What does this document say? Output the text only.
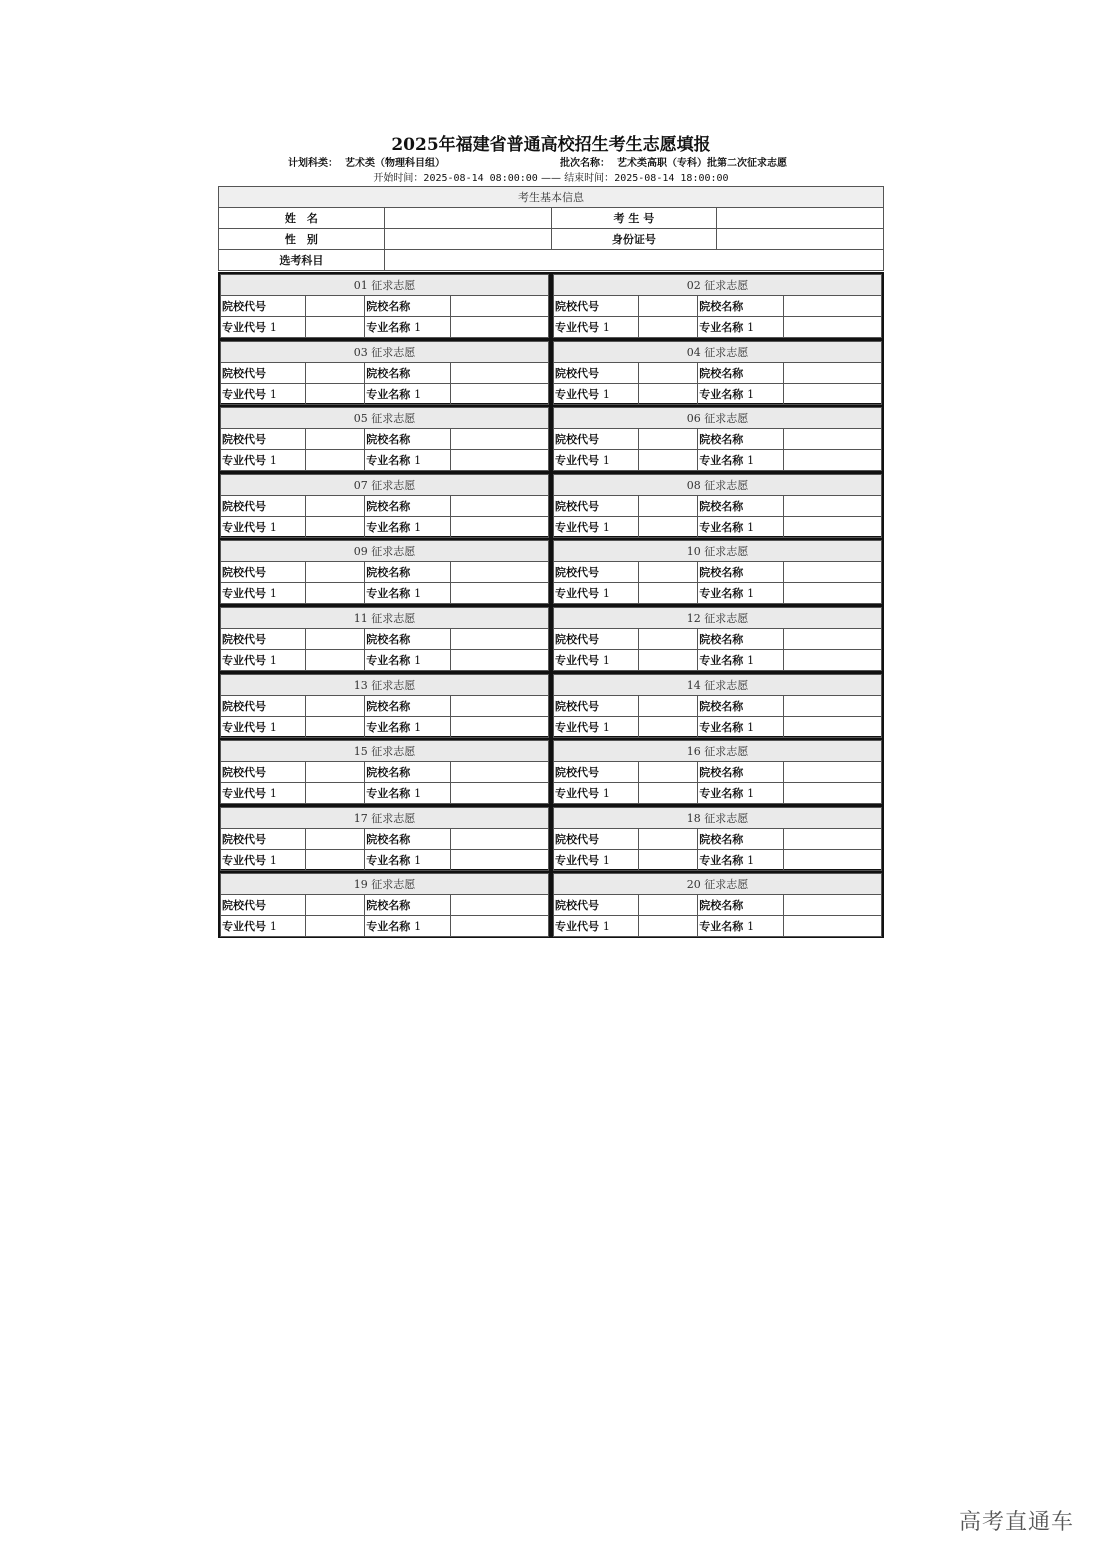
2025年福建省普通高校招生考生志愿填报
计划科类： 艺术类（物理科目组）	批次名称： 艺术类高职（专科）批第二次征求志愿
开始时间：2025-08-14 08:00:00 —— 结束时间：2025-08-14 18:00:00
考生基本信息			
姓　名		考 生 号	
性　别		身份证号	
选考科目			
01 征求志愿			
院校代号		院校名称	
专业代号 1		专业名称 1	
02 征求志愿			
院校代号		院校名称	
专业代号 1		专业名称 1	
03 征求志愿			
院校代号		院校名称	
专业代号 1		专业名称 1	
04 征求志愿			
院校代号		院校名称	
专业代号 1		专业名称 1	
05 征求志愿			
院校代号		院校名称	
专业代号 1		专业名称 1	
06 征求志愿			
院校代号		院校名称	
专业代号 1		专业名称 1	
07 征求志愿			
院校代号		院校名称	
专业代号 1		专业名称 1	
08 征求志愿			
院校代号		院校名称	
专业代号 1		专业名称 1	
09 征求志愿			
院校代号		院校名称	
专业代号 1		专业名称 1	
10 征求志愿			
院校代号		院校名称	
专业代号 1		专业名称 1	
11 征求志愿			
院校代号		院校名称	
专业代号 1		专业名称 1	
12 征求志愿			
院校代号		院校名称	
专业代号 1		专业名称 1	
13 征求志愿			
院校代号		院校名称	
专业代号 1		专业名称 1	
14 征求志愿			
院校代号		院校名称	
专业代号 1		专业名称 1	
15 征求志愿			
院校代号		院校名称	
专业代号 1		专业名称 1	
16 征求志愿			
院校代号		院校名称	
专业代号 1		专业名称 1	
17 征求志愿			
院校代号		院校名称	
专业代号 1		专业名称 1	
18 征求志愿			
院校代号		院校名称	
专业代号 1		专业名称 1	
19 征求志愿			
院校代号		院校名称	
专业代号 1		专业名称 1	
20 征求志愿			
院校代号		院校名称	
专业代号 1		专业名称 1	
高考直通车
